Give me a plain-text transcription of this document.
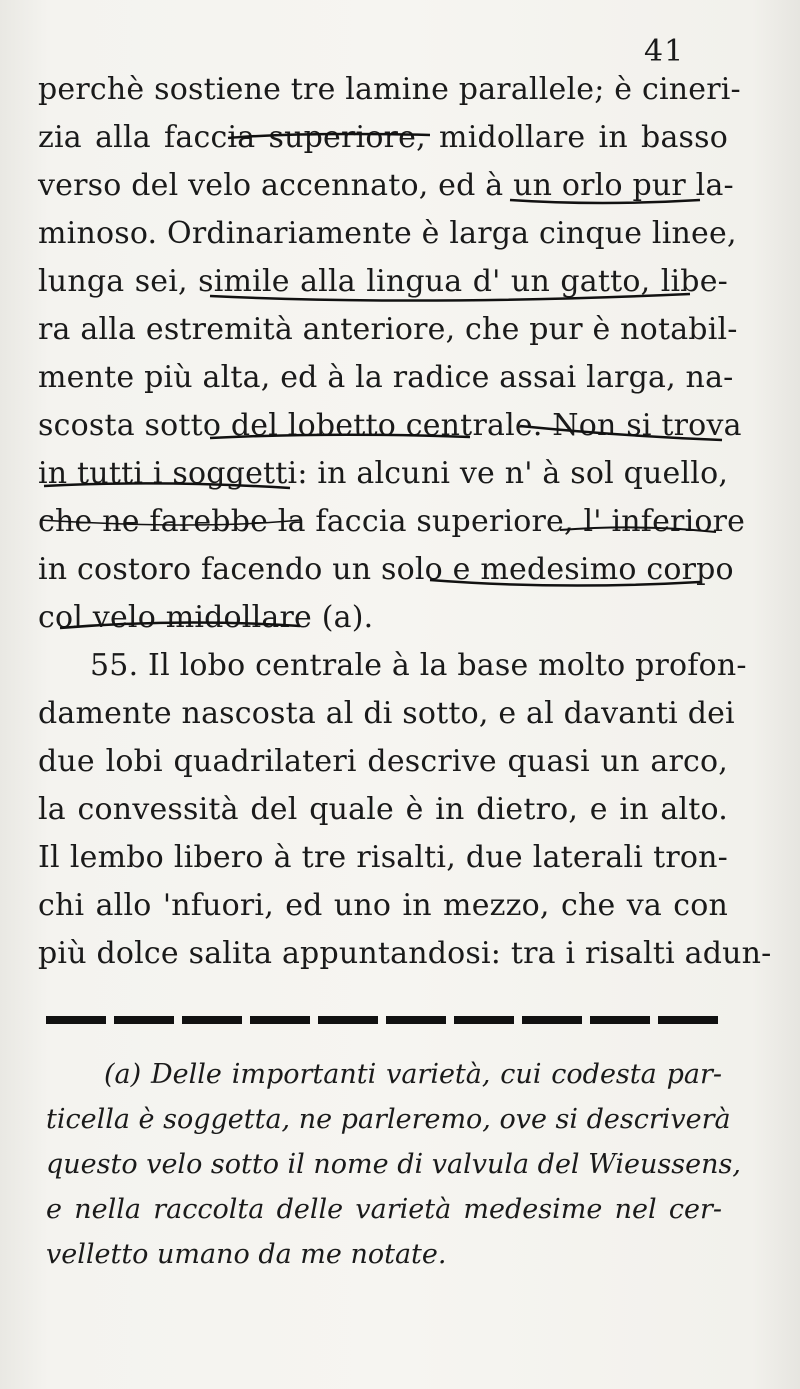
41
perchè sostiene tre lamine parallele; è cineri-
zia alla faccia superiore, midollare in basso
verso del velo accennato, ed à un orlo pur la-
minoso. Ordinariamente è larga cinque linee,
lunga sei, simile alla lingua d' un gatto, libe-
ra alla estremità anteriore, che pur è notabil-
mente più alta, ed à la radice assai larga, na-
scosta sotto del lobetto centrale. Non si trova
in tutti i soggetti: in alcuni ve n' à sol quello,
che ne farebbe la faccia superiore, l' inferiore
in costoro facendo un solo e medesimo corpo
col velo midollare (a).
55. Il lobo centrale à la base molto profon-
damente nascosta al di sotto, e al davanti dei
due lobi quadrilateri descrive quasi un arco,
la convessità del quale è in dietro, e in alto.
Il lembo libero à tre risalti, due laterali tron-
chi allo 'nfuori, ed uno in mezzo, che va con
più dolce salita appuntandosi: tra i risalti adun-
(a) Delle importanti varietà, cui codesta par-
ticella è soggetta, ne parleremo, ove si descriverà
questo velo sotto il nome di valvula del Wieussens,
e nella raccolta delle varietà medesime nel cer-
velletto umano da me notate.
